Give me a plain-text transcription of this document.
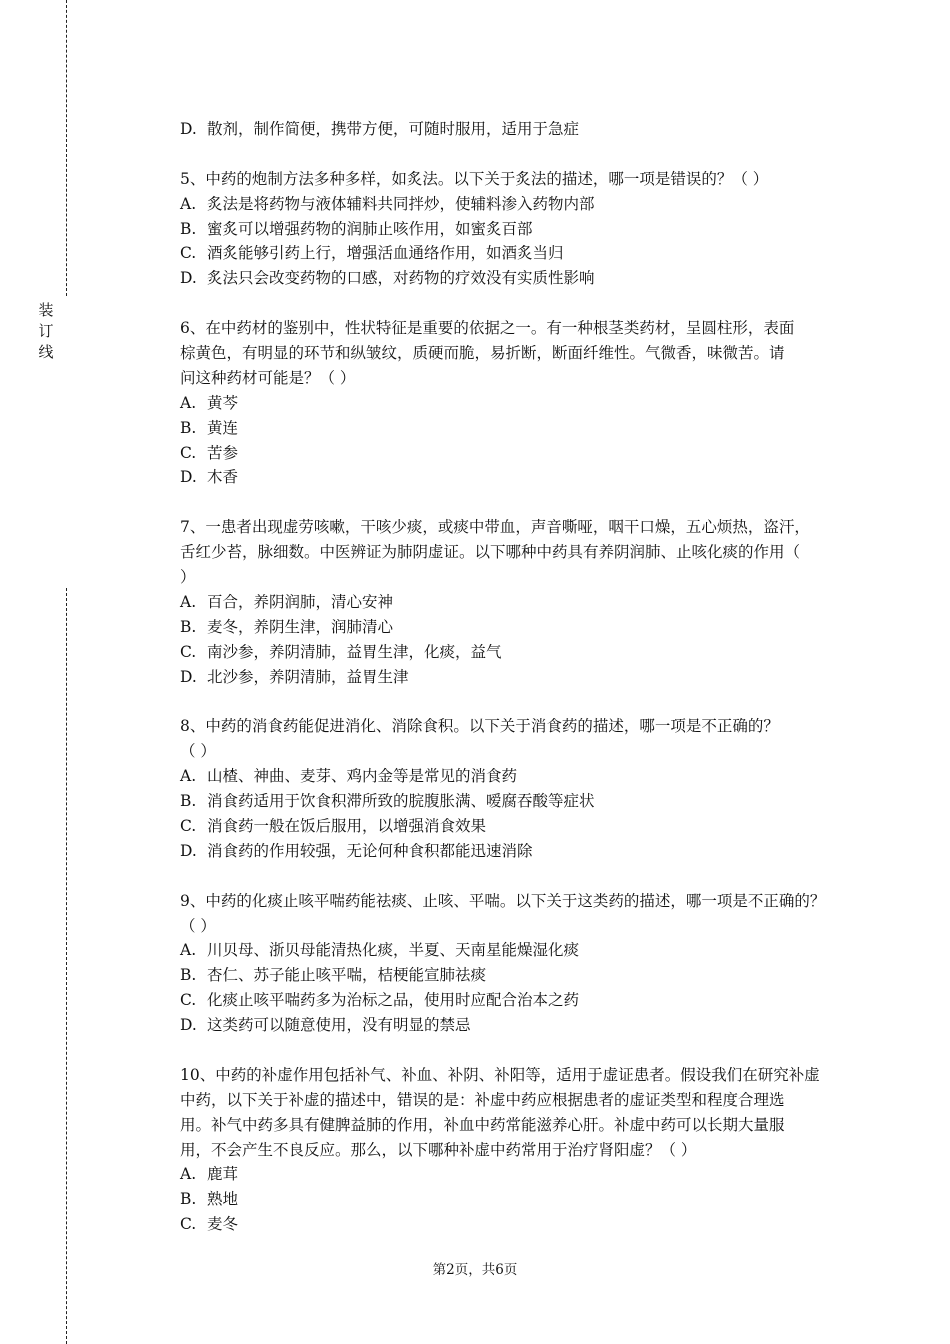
装
订
线
D. 散剂，制作简便，携带方便，可随时服用，适用于急症
5、中药的炮制方法多种多样，如炙法。以下关于炙法的描述，哪一项是错误的？（ ）
A. 炙法是将药物与液体辅料共同拌炒，使辅料渗入药物内部
B. 蜜炙可以增强药物的润肺止咳作用，如蜜炙百部
C. 酒炙能够引药上行，增强活血通络作用，如酒炙当归
D. 炙法只会改变药物的口感，对药物的疗效没有实质性影响
6、在中药材的鉴别中，性状特征是重要的依据之一。有一种根茎类药材，呈圆柱形，表面
棕黄色，有明显的环节和纵皱纹，质硬而脆，易折断，断面纤维性。气微香，味微苦。请
问这种药材可能是？（ ）
A. 黄芩
B. 黄连
C. 苦参
D. 木香
7、一患者出现虚劳咳嗽，干咳少痰，或痰中带血，声音嘶哑，咽干口燥，五心烦热，盗汗，
舌红少苔，脉细数。中医辨证为肺阴虚证。以下哪种中药具有养阴润肺、止咳化痰的作用（
）
A. 百合，养阴润肺，清心安神
B. 麦冬，养阴生津，润肺清心
C. 南沙参，养阴清肺，益胃生津，化痰，益气
D. 北沙参，养阴清肺，益胃生津
8、中药的消食药能促进消化、消除食积。以下关于消食药的描述，哪一项是不正确的？
（ ）
A. 山楂、神曲、麦芽、鸡内金等是常见的消食药
B. 消食药适用于饮食积滞所致的脘腹胀满、嗳腐吞酸等症状
C. 消食药一般在饭后服用，以增强消食效果
D. 消食药的作用较强，无论何种食积都能迅速消除
9、中药的化痰止咳平喘药能祛痰、止咳、平喘。以下关于这类药的描述，哪一项是不正确的？
（ ）
A. 川贝母、浙贝母能清热化痰，半夏、天南星能燥湿化痰
B. 杏仁、苏子能止咳平喘，桔梗能宣肺祛痰
C. 化痰止咳平喘药多为治标之品，使用时应配合治本之药
D. 这类药可以随意使用，没有明显的禁忌
10、中药的补虚作用包括补气、补血、补阴、补阳等，适用于虚证患者。假设我们在研究补虚
中药，以下关于补虚的描述中，错误的是：补虚中药应根据患者的虚证类型和程度合理选
用。补气中药多具有健脾益肺的作用，补血中药常能滋养心肝。补虚中药可以长期大量服
用，不会产生不良反应。那么，以下哪种补虚中药常用于治疗肾阳虚？（ ）
A. 鹿茸
B. 熟地
C. 麦冬
第2页，共6页
